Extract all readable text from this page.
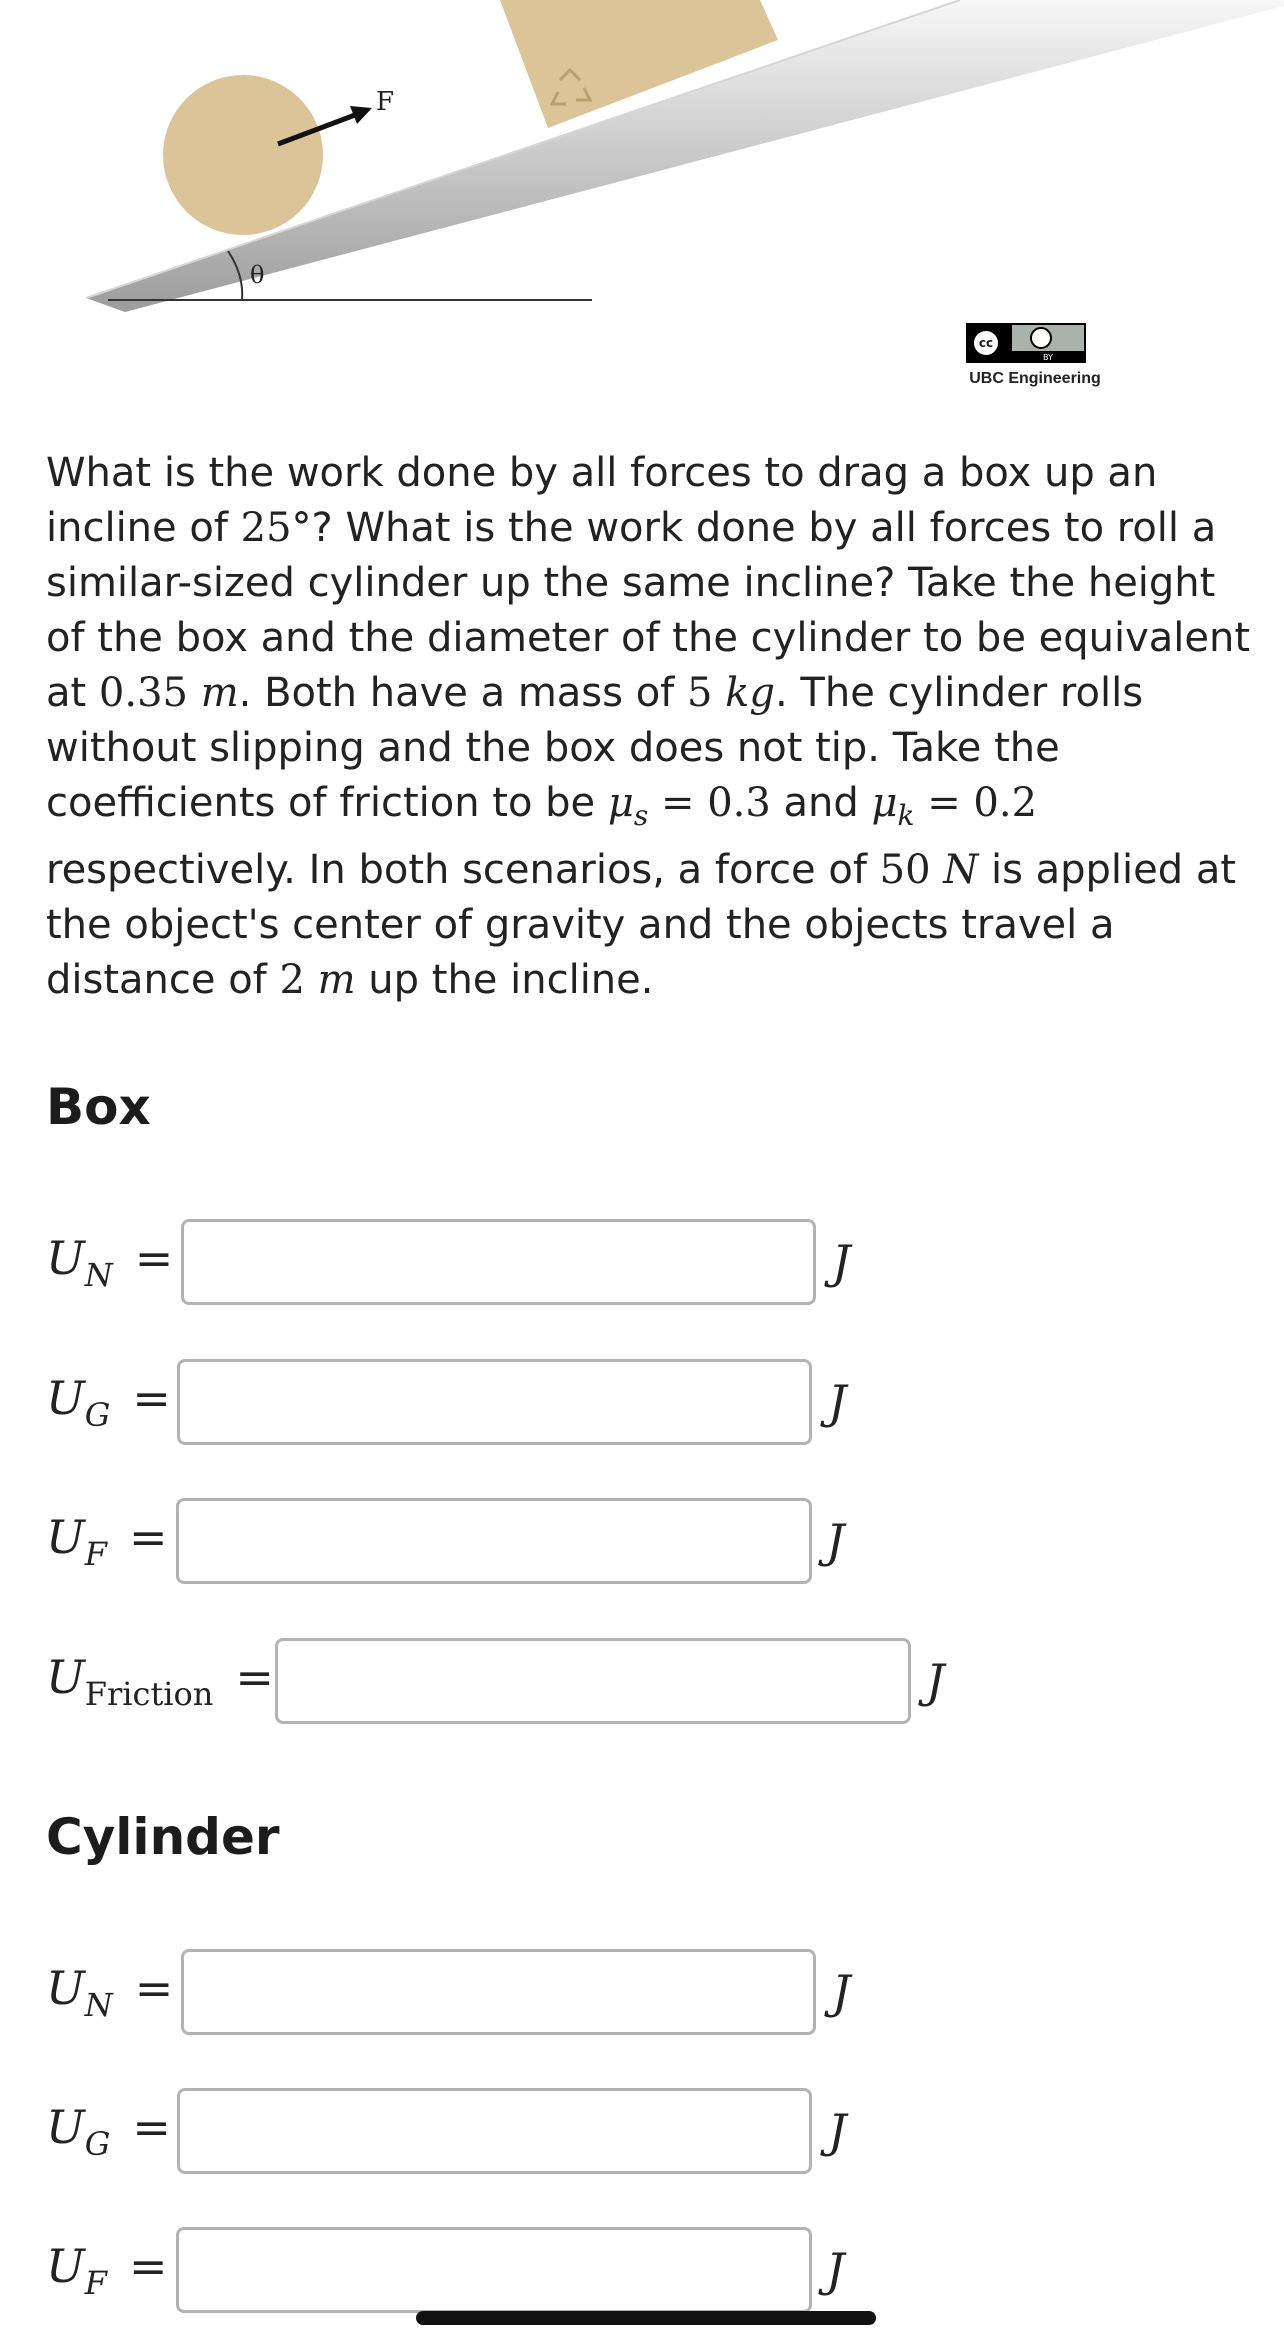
F
θ
cc
BY
UBC Engineering
What is the work done by all forces to drag a box up an incline of 25°? What is the work done by all forces to roll a similar-sized cylinder up the same incline? Take the height of the box and the diameter of the cylinder to be equivalent at 0.35 m. Both have a mass of 5 kg. The cylinder rolls without slipping and the box does not tip. Take the coefficients of friction to be $\mu_s = 0.3$ and $\mu_k = 0.2$ respectively. In both scenarios, a force of 50 N is applied at the object's center of gravity and the objects travel a distance of 2 m up the incline.
Box
$U_N$ =	J
$U_G$ =	J
$U_F$ =	J
$U_{Friction}$ =	J
Cylinder
$U_N$ =	J
$U_G$ =	J
$U_F$ =	J
